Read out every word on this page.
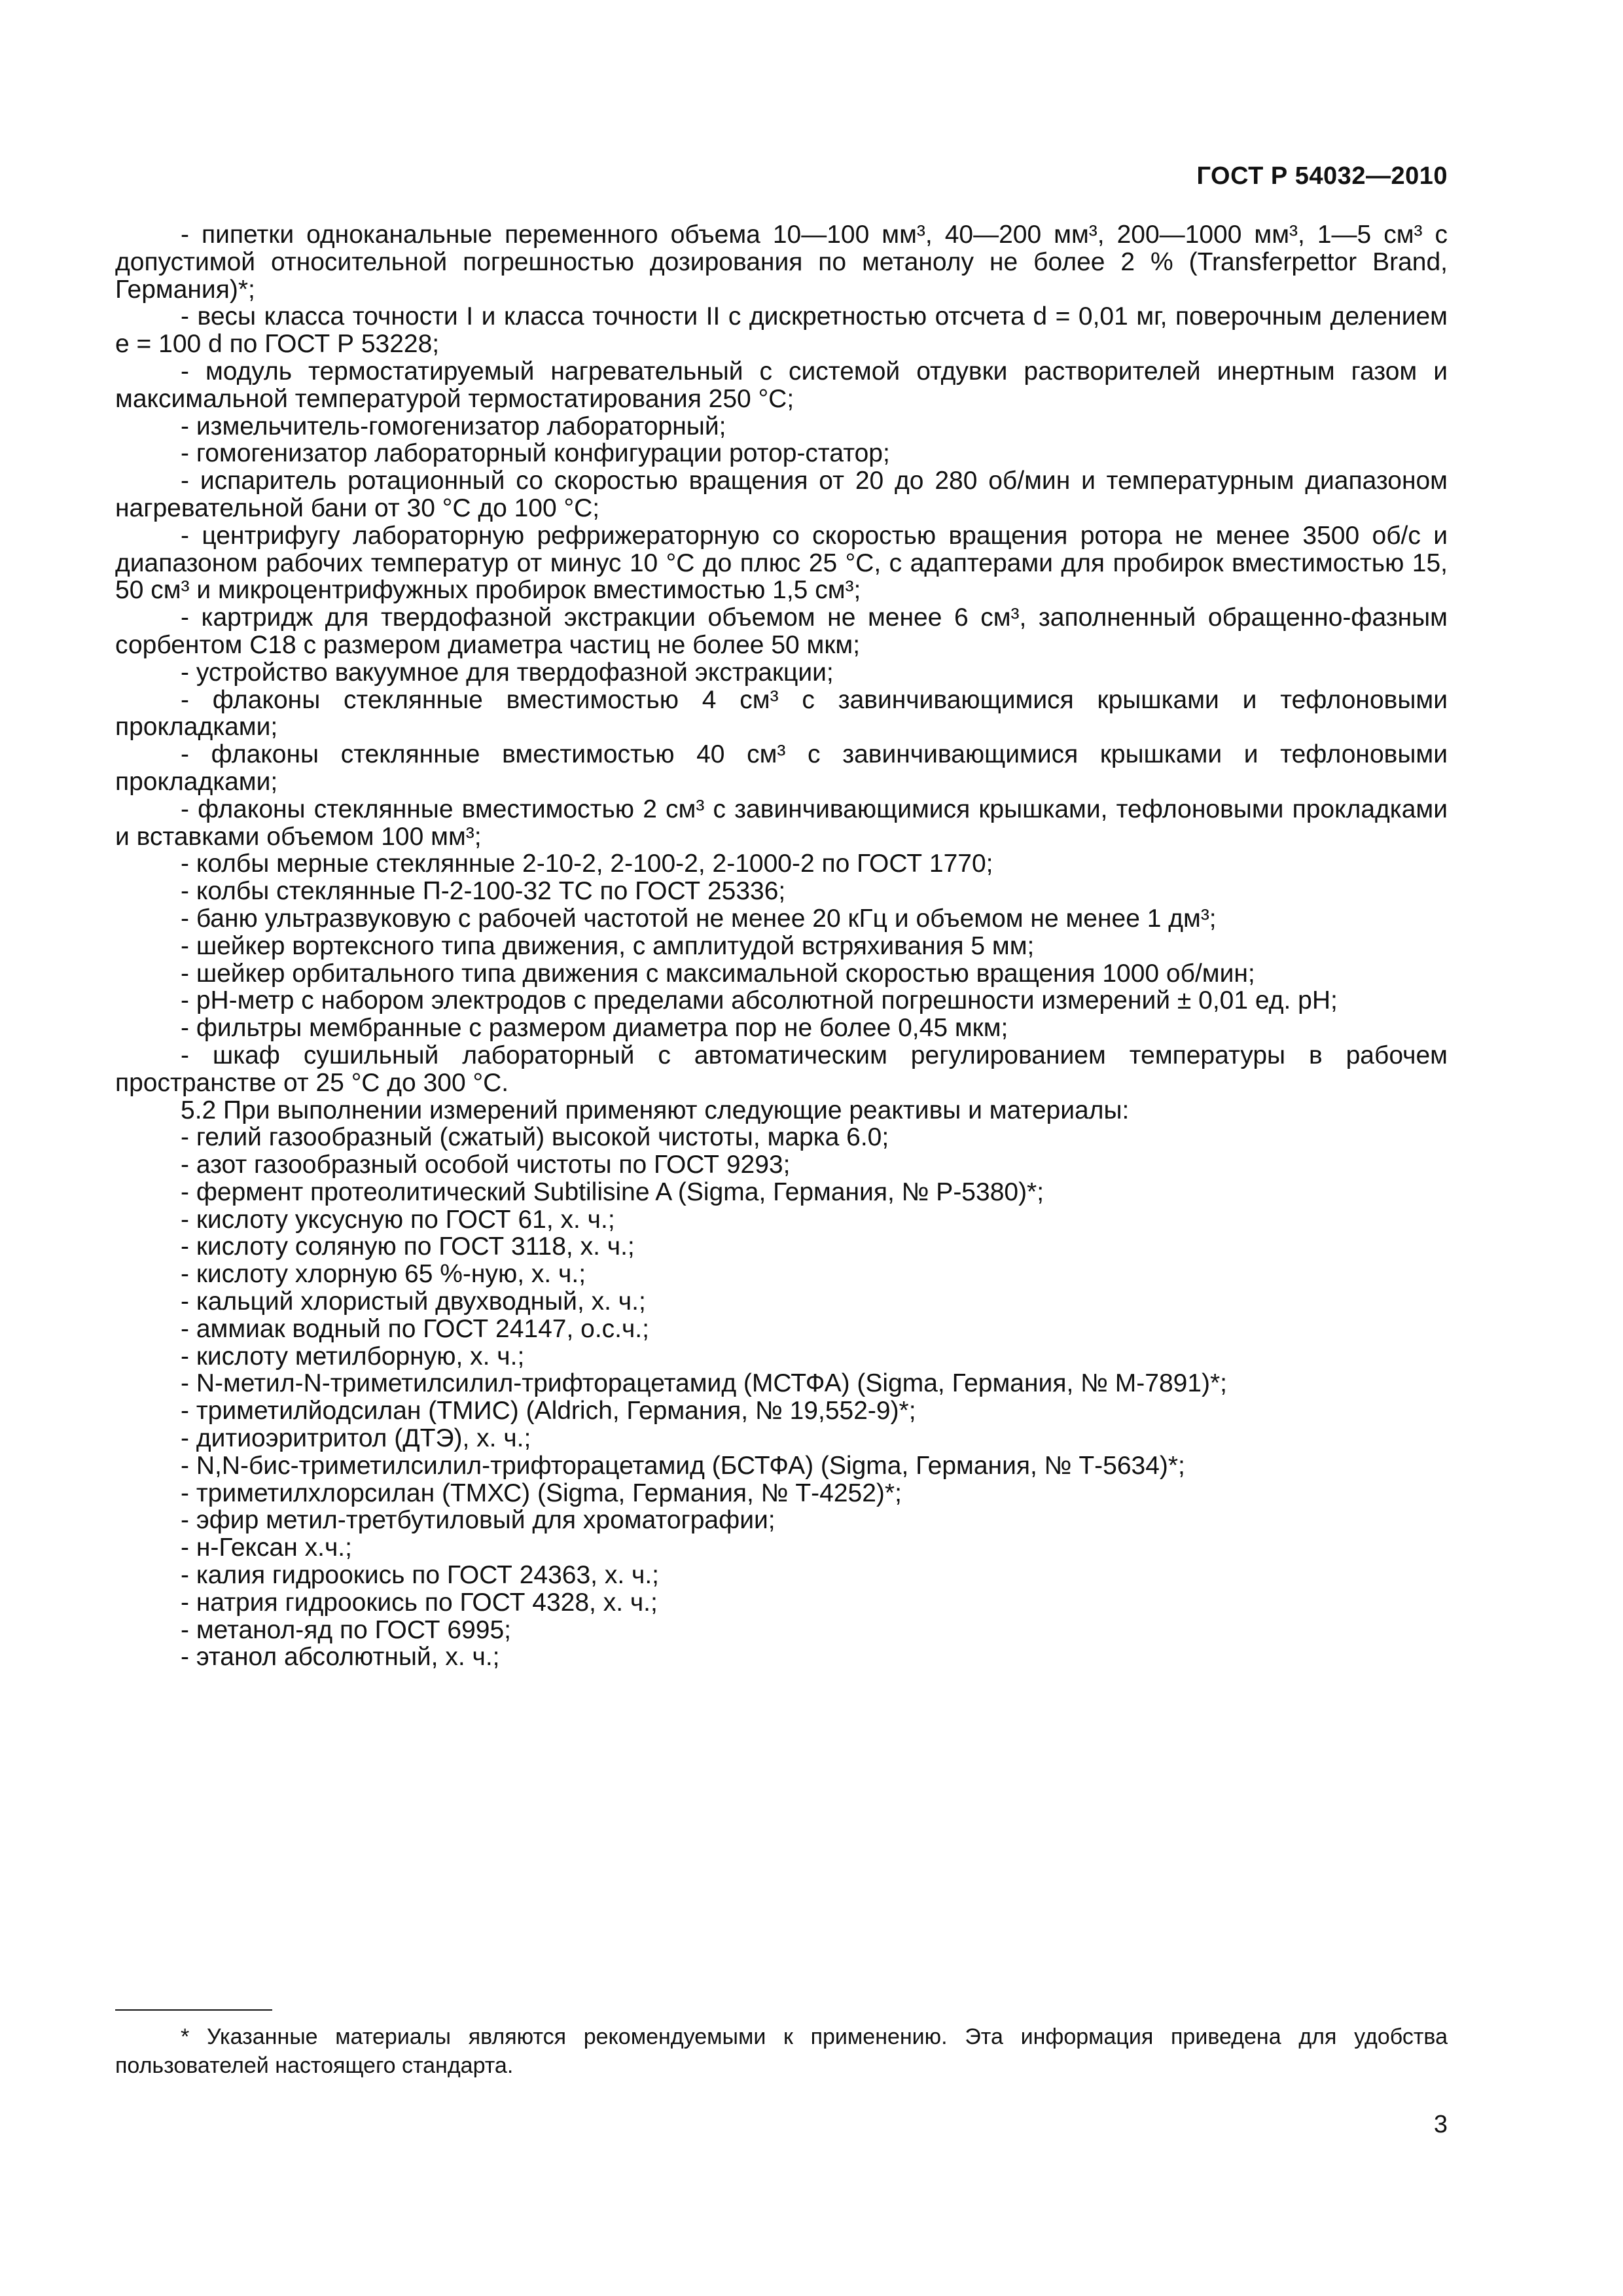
ГОСТ Р 54032—2010

- пипетки одноканальные переменного объема 10—100 мм³, 40—200 мм³, 200—1000 мм³, 1—5 см³ с допустимой относительной погрешностью дозирования по метанолу не более 2 % (Transferpettor Brand, Германия)*;

- весы класса точности I и класса точности II с дискретностью отсчета d = 0,01 мг, поверочным делением e = 100 d по ГОСТ Р 53228;

- модуль термостатируемый нагревательный с системой отдувки растворителей инертным газом и максимальной температурой термостатирования 250 °С;

- измельчитель-гомогенизатор лабораторный;

- гомогенизатор лабораторный конфигурации ротор-статор;

- испаритель ротационный со скоростью вращения от 20 до 280 об/мин и температурным диапазоном нагревательной бани от 30 °С до 100 °С;

- центрифугу лабораторную рефрижераторную со скоростью вращения ротора не менее 3500 об/с и диапазоном рабочих температур от минус 10 °С до плюс 25 °С, с адаптерами для пробирок вместимостью 15, 50 см³ и микроцентрифужных пробирок вместимостью 1,5 см³;

- картридж для твердофазной экстракции объемом не менее 6 см³, заполненный обращенно-фазным сорбентом С18 с размером диаметра частиц не более 50 мкм;

- устройство вакуумное для твердофазной экстракции;

- флаконы стеклянные вместимостью 4 см³ с завинчивающимися крышками и тефлоновыми прокладками;

- флаконы стеклянные вместимостью 40 см³ с завинчивающимися крышками и тефлоновыми прокладками;

- флаконы стеклянные вместимостью 2 см³ с завинчивающимися крышками, тефлоновыми прокладками и вставками объемом 100 мм³;

- колбы мерные стеклянные 2-10-2, 2-100-2, 2-1000-2 по ГОСТ 1770;

- колбы стеклянные П-2-100-32 ТС по ГОСТ 25336;

- баню ультразвуковую с рабочей частотой не менее 20 кГц и объемом не менее 1 дм³;

- шейкер вортексного типа движения, с амплитудой встряхивания 5 мм;

- шейкер орбитального типа движения с максимальной скоростью вращения 1000 об/мин;

- рН-метр с набором электродов с пределами абсолютной погрешности измерений ± 0,01 ед. рН;

- фильтры мембранные с размером диаметра пор не более 0,45 мкм;

- шкаф сушильный лабораторный с автоматическим регулированием температуры в рабочем пространстве от 25 °С до 300 °С.

5.2 При выполнении измерений применяют следующие реактивы и материалы:

- гелий газообразный (сжатый) высокой чистоты, марка 6.0;

- азот газообразный особой чистоты по ГОСТ 9293;

- фермент протеолитический Subtilisine A (Sigma, Германия, № Р-5380)*;

- кислоту уксусную по ГОСТ 61, х. ч.;

- кислоту соляную по ГОСТ 3118, х. ч.;

- кислоту хлорную 65 %-ную, х. ч.;

- кальций хлористый двухводный, х. ч.;

- аммиак водный по ГОСТ 24147, о.с.ч.;

- кислоту метилборную, х. ч.;

- N-метил-N-триметилсилил-трифторацетамид (МСТФА) (Sigma, Германия, № М-7891)*;

- триметилйодсилан (ТМИС) (Aldrich, Германия, № 19,552-9)*;

- дитиоэритритол (ДТЭ), х. ч.;

- N,N-бис-триметилсилил-трифторацетамид (БСТФА) (Sigma, Германия, № Т-5634)*;

- триметилхлорсилан (ТМХС) (Sigma, Германия, № Т-4252)*;

- эфир метил-третбутиловый для хроматографии;

- н-Гексан х.ч.;

- калия гидроокись по ГОСТ 24363, х. ч.;

- натрия гидроокись по ГОСТ 4328, х. ч.;

- метанол-яд по ГОСТ 6995;

- этанол абсолютный, х. ч.;

* Указанные материалы являются рекомендуемыми к применению. Эта информация приведена для удобства пользователей настоящего стандарта.
3
